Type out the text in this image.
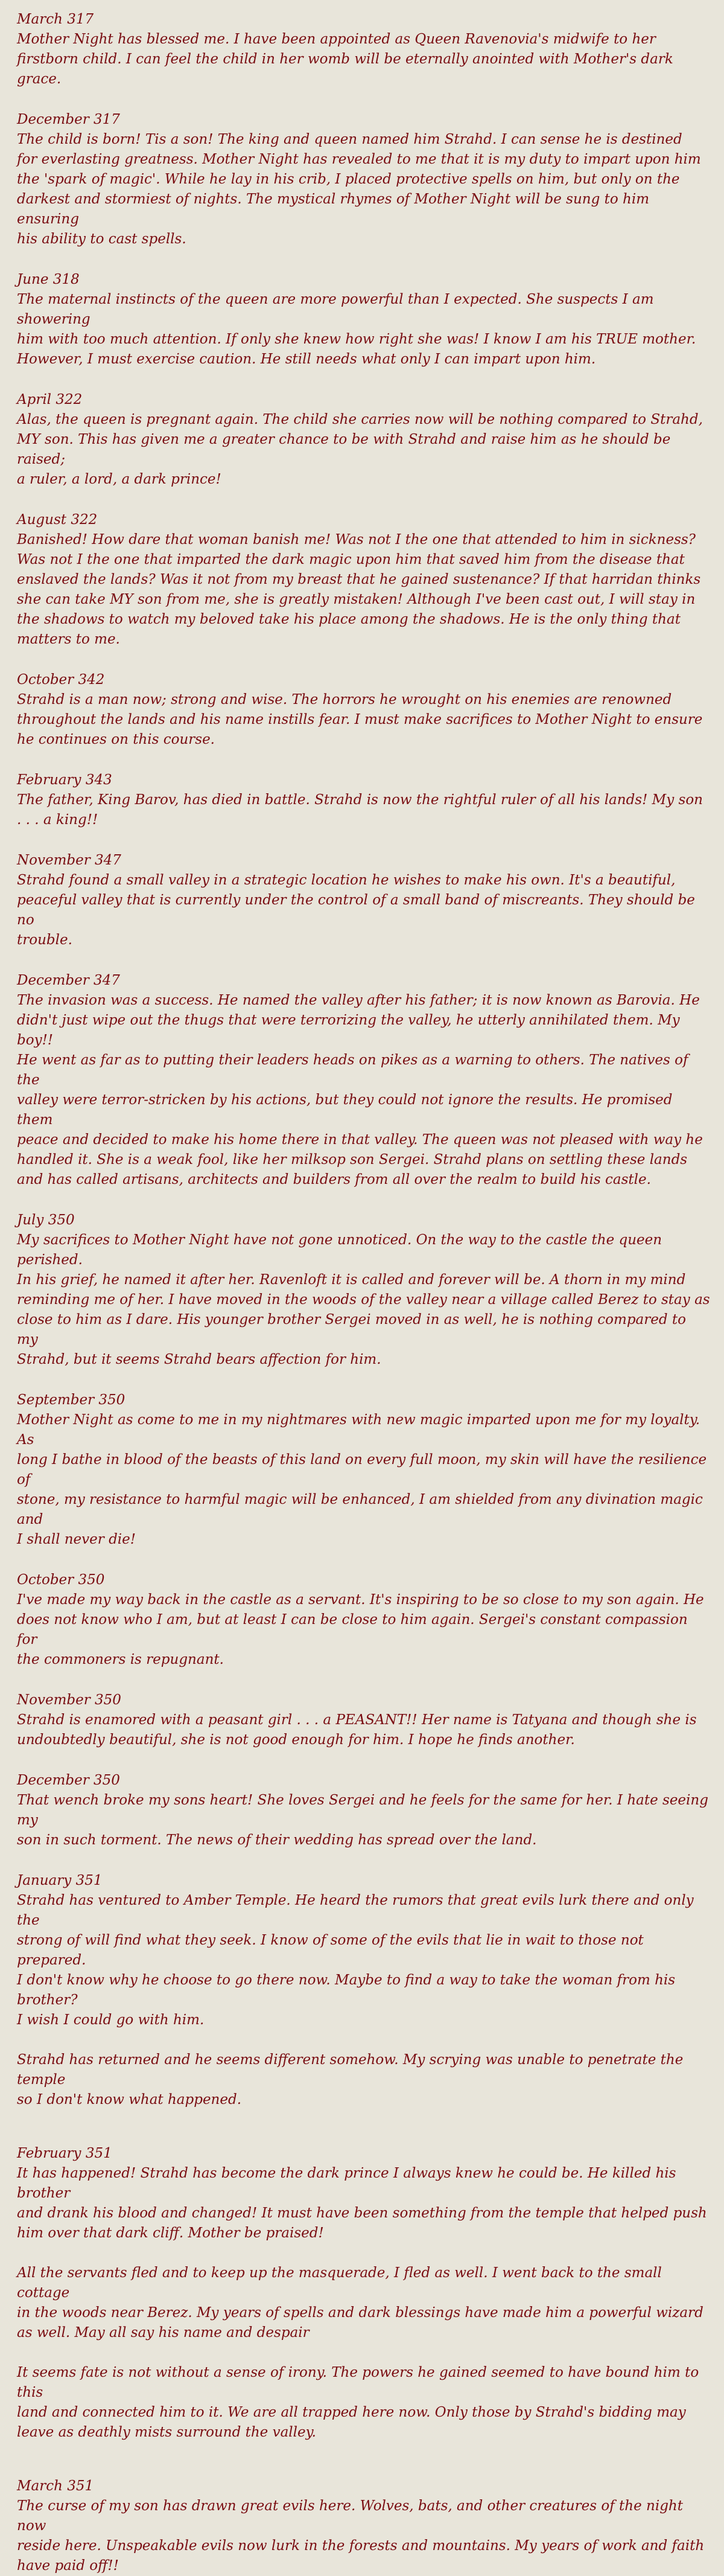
March 317

Mother Night has blessed me. I have been appointed as Queen Ravenovia's midwife to her
firstborn child. I can feel the child in her womb will be eternally anointed with Mother's dark grace.

December 317

The child is born! Tis a son! The king and queen named him Strahd. I can sense he is destined
for everlasting greatness. Mother Night has revealed to me that it is my duty to impart upon him
the 'spark of magic'. While he lay in his crib, I placed protective spells on him, but only on the
darkest and stormiest of nights. The mystical rhymes of Mother Night will be sung to him ensuring
his ability to cast spells.

June 318

The maternal instincts of the queen are more powerful than I expected. She suspects I am showering
him with too much attention. If only she knew how right she was! I know I am his TRUE mother.
However, I must exercise caution. He still needs what only I can impart upon him.

April 322

Alas, the queen is pregnant again. The child she carries now will be nothing compared to Strahd,
MY son. This has given me a greater chance to be with Strahd and raise him as he should be raised;
a ruler, a lord, a dark prince!

August 322

Banished! How dare that woman banish me! Was not I the one that attended to him in sickness?
Was not I the one that imparted the dark magic upon him that saved him from the disease that
enslaved the lands? Was it not from my breast that he gained sustenance? If that harridan thinks
she can take MY son from me, she is greatly mistaken! Although I've been cast out, I will stay in
the shadows to watch my beloved take his place among the shadows. He is the only thing that
matters to me.

October 342

Strahd is a man now; strong and wise. The horrors he wrought on his enemies are renowned
throughout the lands and his name instills fear. I must make sacrifices to Mother Night to ensure
he continues on this course.

February 343

The father, King Barov, has died in battle. Strahd is now the rightful ruler of all his lands! My son
. . . a king!!

November 347

Strahd found a small valley in a strategic location he wishes to make his own. It's a beautiful,
peaceful valley that is currently under the control of a small band of miscreants. They should be no
trouble.

December 347

The invasion was a success. He named the valley after his father; it is now known as Barovia. He
didn't just wipe out the thugs that were terrorizing the valley, he utterly annihilated them. My boy!!
He went as far as to putting their leaders heads on pikes as a warning to others. The natives of the
valley were terror-stricken by his actions, but they could not ignore the results. He promised them
peace and decided to make his home there in that valley. The queen was not pleased with way he
handled it. She is a weak fool, like her milksop son Sergei. Strahd plans on settling these lands
and has called artisans, architects and builders from all over the realm to build his castle.

July 350

My sacrifices to Mother Night have not gone unnoticed. On the way to the castle the queen perished.
In his grief, he named it after her. Ravenloft it is called and forever will be. A thorn in my mind
reminding me of her. I have moved in the woods of the valley near a village called Berez to stay as
close to him as I dare. His younger brother Sergei moved in as well, he is nothing compared to my
Strahd, but it seems Strahd bears affection for him.

September 350

Mother Night as come to me in my nightmares with new magic imparted upon me for my loyalty. As
long I bathe in blood of the beasts of this land on every full moon, my skin will have the resilience of
stone, my resistance to harmful magic will be enhanced, I am shielded from any divination magic and
I shall never die!

October 350

I've made my way back in the castle as a servant. It's inspiring to be so close to my son again. He
does not know who I am, but at least I can be close to him again. Sergei's constant compassion for
the commoners is repugnant.

November 350

Strahd is enamored with a peasant girl . . . a PEASANT!! Her name is Tatyana and though she is
undoubtedly beautiful, she is not good enough for him. I hope he finds another.

December 350

That wench broke my sons heart! She loves Sergei and he feels for the same for her. I hate seeing my
son in such torment. The news of their wedding has spread over the land.

January 351

Strahd has ventured to Amber Temple. He heard the rumors that great evils lurk there and only the
strong of will find what they seek. I know of some of the evils that lie in wait to those not prepared.
I don't know why he choose to go there now. Maybe to find a way to take the woman from his brother?
I wish I could go with him.

Strahd has returned and he seems different somehow. My scrying was unable to penetrate the temple
so I don't know what happened.

February 351

It has happened! Strahd has become the dark prince I always knew he could be. He killed his brother
and drank his blood and changed! It must have been something from the temple that helped push
him over that dark cliff. Mother be praised!

All the servants fled and to keep up the masquerade, I fled as well. I went back to the small cottage
in the woods near Berez. My years of spells and dark blessings have made him a powerful wizard
as well. May all say his name and despair

It seems fate is not without a sense of irony. The powers he gained seemed to have bound him to this
land and connected him to it. We are all trapped here now. Only those by Strahd's bidding may
leave as deathly mists surround the valley.

March 351

The curse of my son has drawn great evils here. Wolves, bats, and other creatures of the night now
reside here. Unspeakable evils now lurk in the forests and mountains. My years of work and faith
have paid off!!
